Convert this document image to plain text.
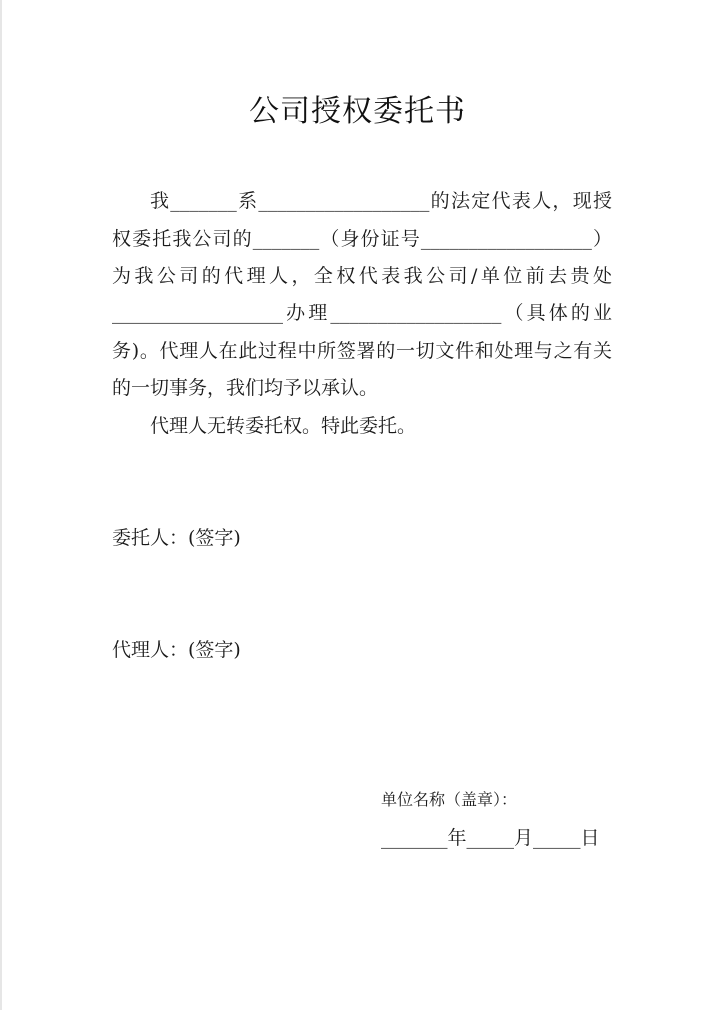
公司授权委托书
我_______系__________________的法定代表人，现授
权委托我公司的_______（身份证号__________________）
为我公司的代理人，全权代表我公司/单位前去贵处
__________________办理__________________（具体的业
务)。代理人在此过程中所签署的一切文件和处理与之有关
的一切事务，我们均予以承认。
代理人无转委托权。特此委托。
委托人：(签字)
代理人：(签字)
单位名称（盖章）：
_______年_____月_____日
